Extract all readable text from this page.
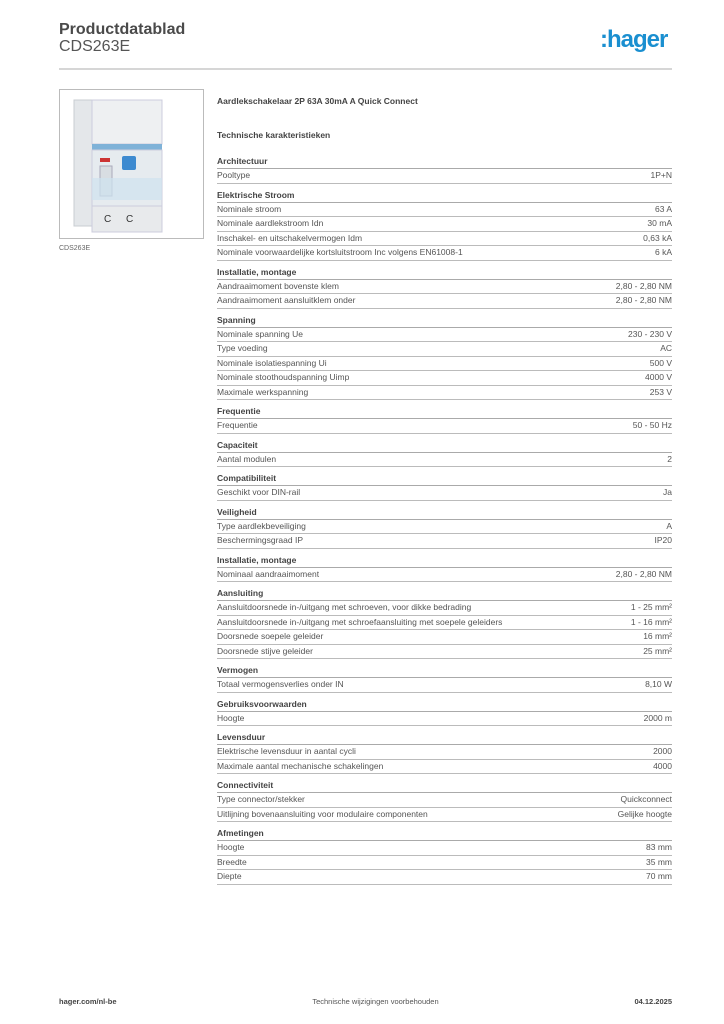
Productdatablad
CDS263E	:hager
C C
CDS263E
Aardlekschakelaar 2P 63A 30mA A Quick Connect
Technische karakteristieken
Architectuur
Pooltype	1P+N
Elektrische Stroom
Nominale stroom	63 A
Nominale aardlekstroom Idn	30 mA
Inschakel- en uitschakelvermogen Idm	0,63 kA
Nominale voorwaardelijke kortsluitstroom Inc volgens EN61008-1	6 kA
Installatie, montage
Aandraaimoment bovenste klem	2,80 - 2,80 NM
Aandraaimoment aansluitklem onder	2,80 - 2,80 NM
Spanning
Nominale spanning Ue	230 - 230 V
Type voeding	AC
Nominale isolatiespanning Ui	500 V
Nominale stoothoudspanning Uimp	4000 V
Maximale werkspanning	253 V
Frequentie
Frequentie	50 - 50 Hz
Capaciteit
Aantal modulen	2
Compatibiliteit
Geschikt voor DIN-rail	Ja
Veiligheid
Type aardlekbeveiliging	A
Beschermingsgraad IP	IP20
Installatie, montage
Nominaal aandraaimoment	2,80 - 2,80 NM
Aansluiting
Aansluitdoorsnede in-/uitgang met schroeven, voor dikke bedrading	1 - 25 mm²
Aansluitdoorsnede in-/uitgang met schroefaansluiting met soepele geleiders	1 - 16 mm²
Doorsnede soepele geleider	16 mm²
Doorsnede stijve geleider	25 mm²
Vermogen
Totaal vermogensverlies onder IN	8,10 W
Gebruiksvoorwaarden
Hoogte	2000 m
Levensduur
Elektrische levensduur in aantal cycli	2000
Maximale aantal mechanische schakelingen	4000
Connectiviteit
Type connector/stekker	Quickconnect
Uitlijning bovenaansluiting voor modulaire componenten	Gelijke hoogte
Afmetingen
Hoogte	83 mm
Breedte	35 mm
Diepte	70 mm
hager.com/nl-be	Technische wijzigingen voorbehouden	04.12.2025
